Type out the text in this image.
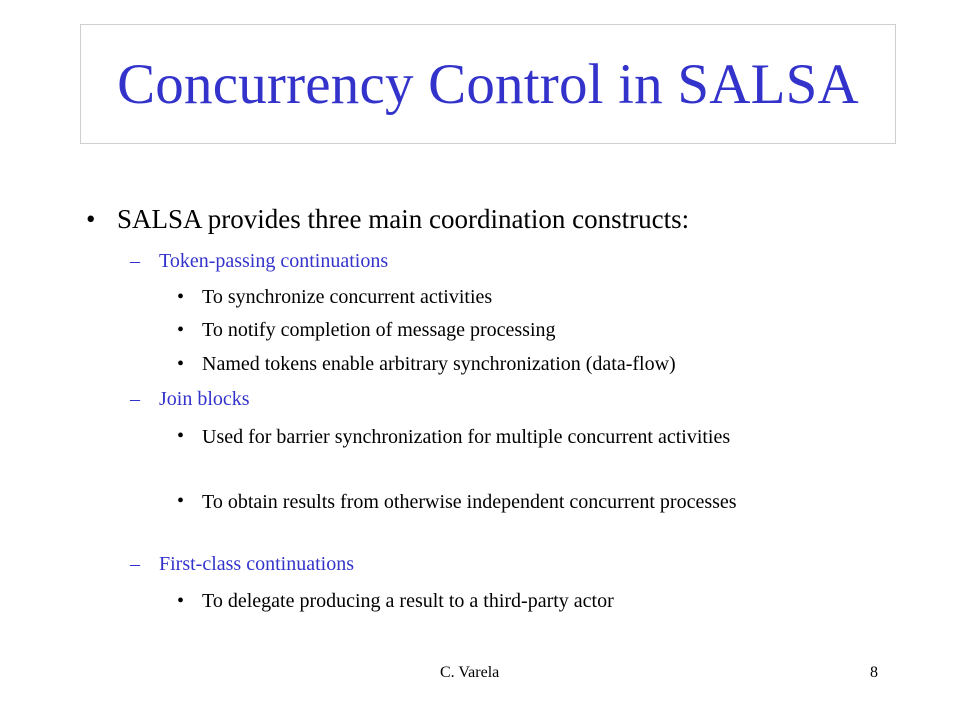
Concurrency Control in SALSA
• SALSA provides three main coordination constructs:
– Token-passing continuations
• To synchronize concurrent activities
• To notify completion of message processing
• Named tokens enable arbitrary synchronization (data-flow)
– Join blocks
• Used for barrier synchronization for multiple concurrent activities
• To obtain results from otherwise independent concurrent processes
– First-class continuations
• To delegate producing a result to a third-party actor
C. Varela	8
